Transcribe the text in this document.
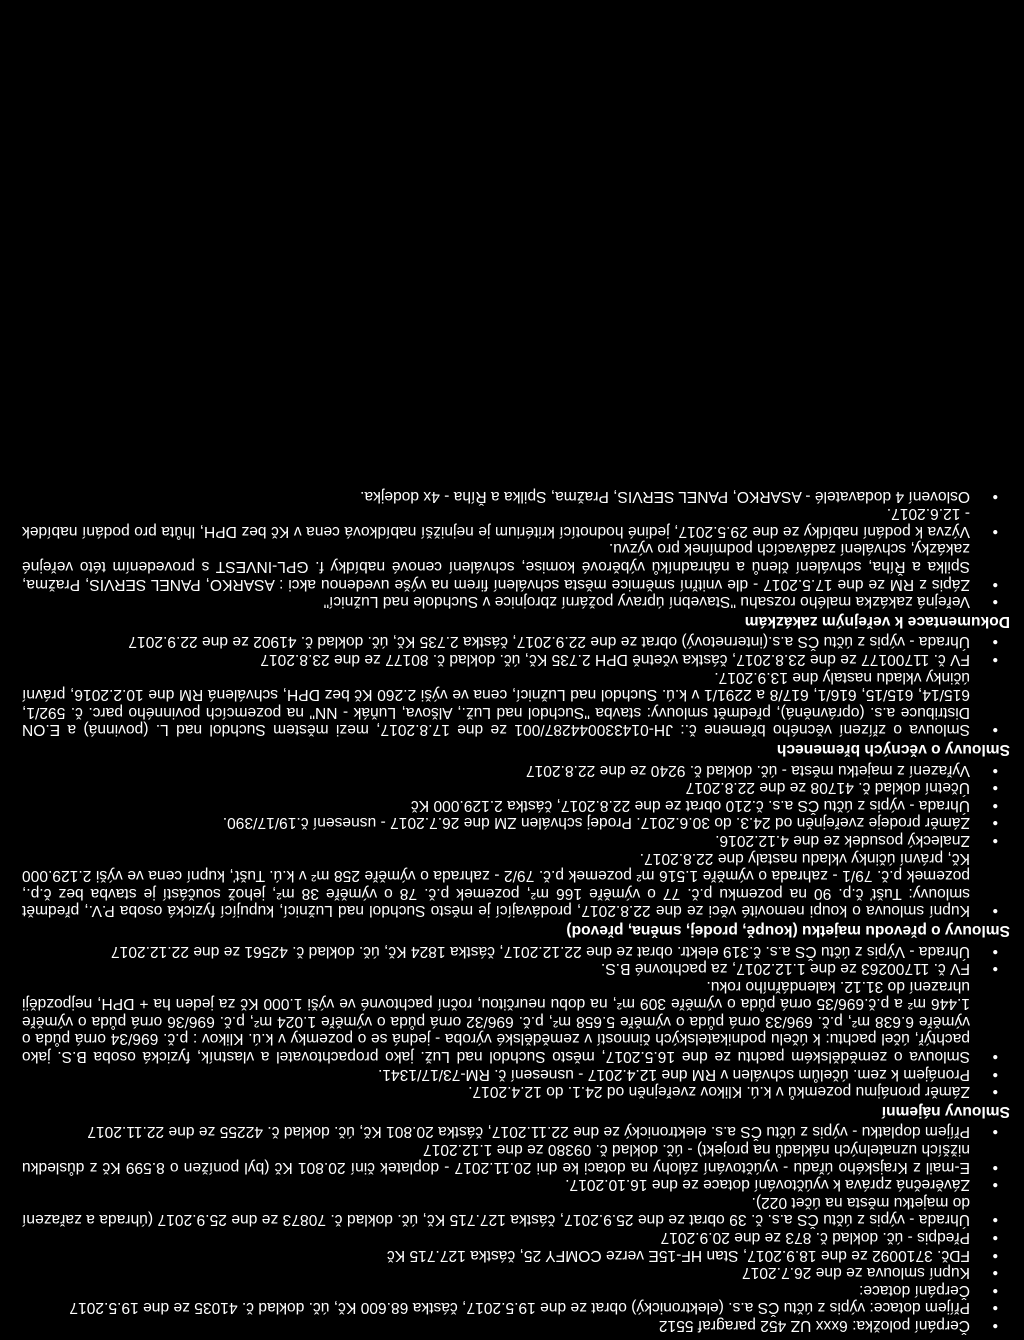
• Čerpání položka: 6xxx UZ 452 paragraf 5512
• Příjem dotace: výpis z účtu ČS a.s. (elektronický) obrat ze dne 19.5.2017, částka 68.600 Kč, úč. doklad č. 41035 ze dne 19.5.2017
• Čerpání dotace:
• Kupní smlouva ze dne 26.7.2017
• FDč. 3710092 ze dne 18.9.2017, Stan HF-15E verze COMFY 25, částka 127.715 Kč
• Předpis - úč. doklad č. 873 ze dne 20.9.2017
• Úhrada - výpis z účtu ČS a.s. č. 39 obrat ze dne 25.9.2017, částka 127.715 Kč, úč. doklad č. 70873 ze dne 25.9.2017 (úhrada a zařazení do majetku města na účet 022).
• Závěrečná zpráva k vyúčtování dotace ze dne 16.10.2017.
• E-mail z Krajského úřadu - vyúčtování zálohy na dotaci ke dni 20.11.2017 - doplatek činí 20.801 Kč (byl ponížen o 8.599 Kč z důsledku nižších uznatelných nákladů na projekt) - úč. doklad č. 09380 ze dne 1.12.2017
• Příjem doplatku - výpis z účtu ČS a.s. elektronický ze dne 22.11.2017, částka 20.801 Kč, úč. doklad č. 42255 ze dne 22.11.2017
Smlouvy nájemní
• Záměr pronájmu pozemků v k.ú. Klikov zveřejněn od 24.1. do 12.4.2017.
• Pronájem k zem. účelům schválen v RM dne 12.4.2017 - usnesení č. RM-73/17/1341.
• Smlouva o zemědělském pachtu ze dne 16.5.2017, město Suchdol nad Luž. jako propachtovatel a vlastník, fyzická osoba B.S. jako pachtýř, účel pachtu: k účelu podnikatelských činností v zemědělské výroba - jedná se o pozemky v k.ú. Klikov : p.č. 696/34 orná půda o výměře 6.638 m², p.č. 696/33 orná půda o výměře 5.658 m², p.č. 696/32 orná půda o výměře 1.024 m², p.č. 696/36 orná půda o výměře 1.446 m² a p.č.696/35 orná půda o výměře 309 m², na dobu neurčitou, roční pachtovné ve výši 1.000 Kč za jeden ha + DPH, nejpozději uhrazení do 31.12. kalendářního roku.
• FV č. 11700263 ze dne 1.12.2017, za pachtovné B.S.
• Úhrada - Výpis z účtu ČS a.s. č.319 elektr. obrat ze dne 22.12.2017, částka 1824 Kč, úč. doklad č. 42561 ze dne 22.12.2017
Smlouvy o převodu majetku (koupě, prodej, směna, převod)
• Kupní smlouva o koupi nemovité věci ze dne 22.8.2017, prodávající je město Suchdol nad Lužnicí, kupující fyzická osoba P.V., předmět smlouvy: Tušť č.p. 90 na pozemku p.č. 77 o výměře 166 m², pozemek p.č. 78 o výměře 38 m², jehož součástí je stavba bez č.p., pozemek p.č. 79/1 - zahrada o výměře 1.516 m² pozemek p.č. 79/2 - zahrada o výměře 258 m² v k.ú. Tušť, kupní cena ve výši 2.129.000 Kč, právní účinky vkladu nastaly dne 22.8.2017.
• Znalecký posudek ze dne 4.12.2016.
• Záměr prodeje zveřejněn od 24.3. do 30.6.2017. Prodej schválen ZM dne 26.7.2017 - usnesení č.19/17/390.
• Úhrada - výpis z účtu ČS a.s. č.210 obrat ze dne 22.8.2017, částka 2.129.000 Kč
• Účetní doklad č. 41708 ze dne 22.8.2017
• Vyřazení z majetku města - úč. doklad č. 9240 ze dne 22.8.2017
Smlouvy o věcných břemenech
• Smlouva o zřízení věcného břemene č.: JH-014330044287/001 ze dne 17.8.2017, mezi městem Suchdol nad L. (povinná) a E.ON Distribuce a.s. (oprávněná), předmět smlouvy: stavba "Suchdol nad Luž., Alšova, Luňák - NN" na pozemcích povinného parc. č. 592/1, 615/14, 615/15, 616/1, 617/8 a 2291/1 v k.ú. Suchdol nad Lužnicí, cena ve výši 2.260 Kč bez DPH, schválená RM dne 10.2.2016, právní účinky vkladu nastaly dne 13.9.2017.
• FV č. 11700177 ze dne 23.8.2017, částka včetně DPH 2.735 Kč, úč. doklad č. 80177 ze dne 23.8.2017
• Úhrada - výpis z účtu ČS a.s.(internetový) obrat ze dne 22.9.2017, částka 2.735 Kč, úč. doklad č. 41902 ze dne 22.9.2017
Dokumentace k veřejným zakázkám
• Veřejná zakázka malého rozsahu "Stavební úpravy požární zbrojnice v Suchdole nad Lužnicí"
• Zápis z RM ze dne 17.5.2017 - dle vnitřní směrnice města schválení firem na výše uvedenou akci : ASARKO, PANEL SERVIS, Pražma, Spilka a Říha, schválení členů a náhradníků výběrové komise, schválení cenové nabídky f. GPL-INVEST s provedením této veřejné zakázky, schválení zadávacích podmínek pro výzvu.
• Výzva k podání nabídky ze dne 29.5.2017, jediné hodnotící kritérium je nejnižší nabídková cena v Kč bez DPH, lhůta pro podání nabídek - 12.6.2017.
• Oslovení 4 dodavatelé - ASARKO, PANEL SERVIS, Pražma, Spilka a Říha - 4x dodejka.
